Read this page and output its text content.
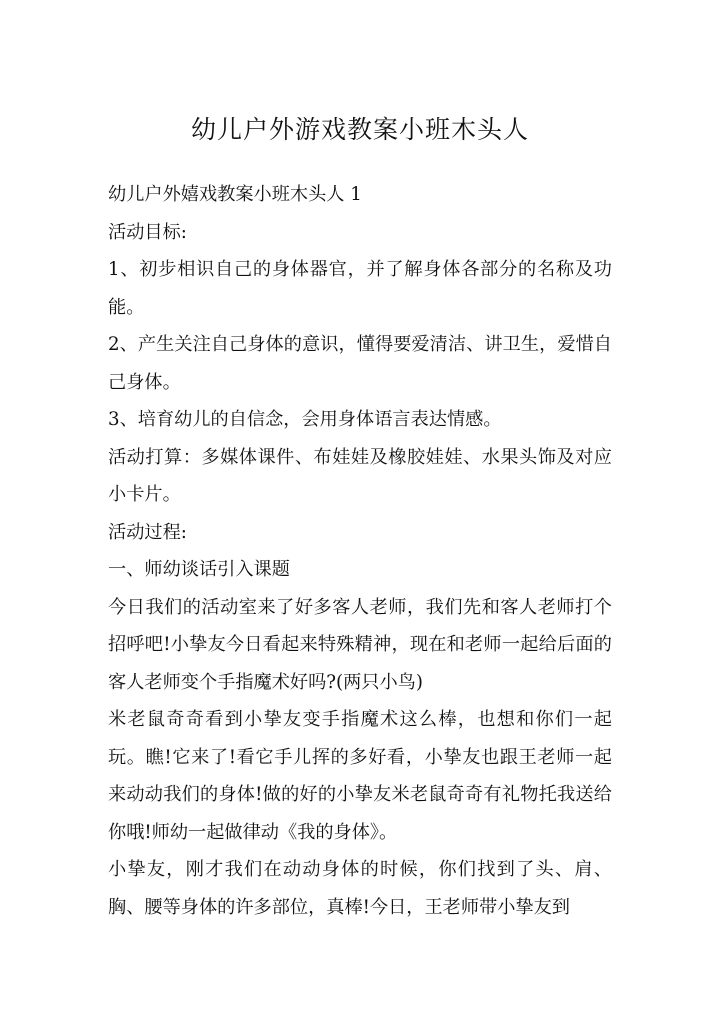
幼儿户外游戏教案小班木头人

幼儿户外嬉戏教案小班木头人 1

活动目标:

1、初步相识自己的身体器官，并了解身体各部分的名称及功能。

2、产生关注自己身体的意识，懂得要爱清洁、讲卫生，爱惜自己身体。

3、培育幼儿的自信念，会用身体语言表达情感。

活动打算：多媒体课件、布娃娃及橡胶娃娃、水果头饰及对应小卡片。

活动过程:

一、师幼谈话引入课题

今日我们的活动室来了好多客人老师，我们先和客人老师打个招呼吧!小挚友今日看起来特殊精神，现在和老师一起给后面的客人老师变个手指魔术好吗?(两只小鸟)

米老鼠奇奇看到小挚友变手指魔术这么棒，也想和你们一起玩。瞧!它来了!看它手儿挥的多好看，小挚友也跟王老师一起来动动我们的身体!做的好的小挚友米老鼠奇奇有礼物托我送给你哦!师幼一起做律动《我的身体》。

小挚友，刚才我们在动动身体的时候，你们找到了头、肩、胸、腰等身体的许多部位，真棒!今日，王老师带小挚友到
